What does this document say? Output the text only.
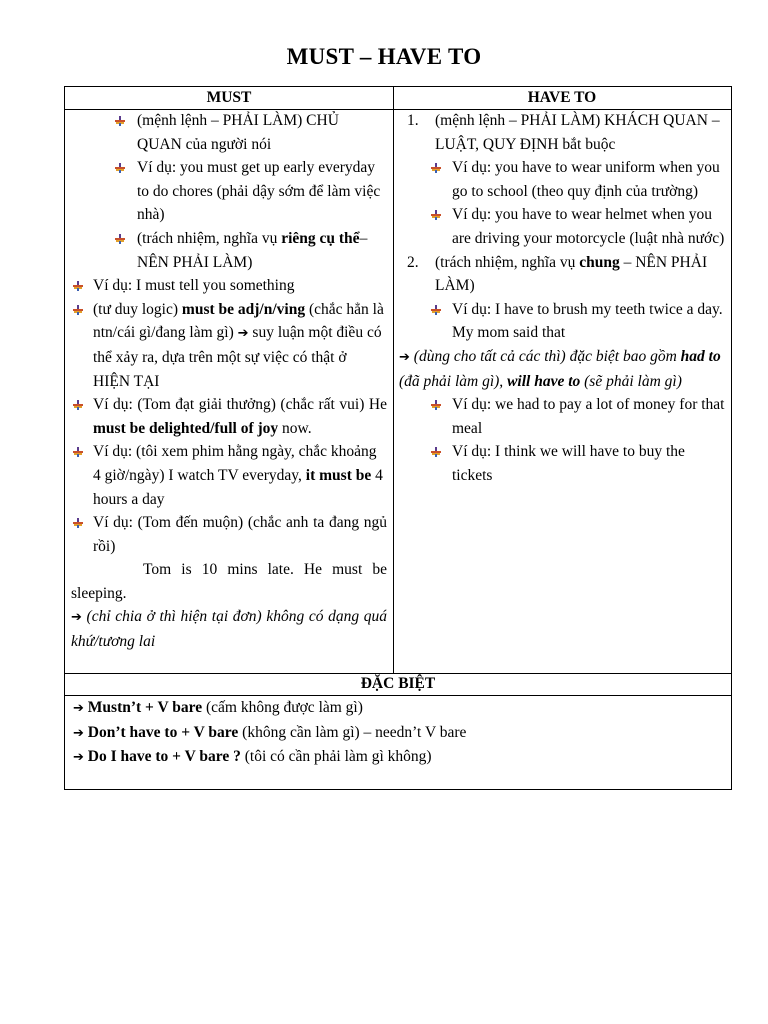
MUST – HAVE TO
MUST	HAVE TO

(mệnh lệnh – PHẢI LÀM) CHỦ QUAN của người nói

Ví dụ: you must get up early everyday to do chores (phải dậy sớm để làm việc nhà)

(trách nhiệm, nghĩa vụ riêng cụ thể– NÊN PHẢI LÀM)

Ví dụ: I must tell you something

(tư duy logic) must be adj/n/ving (chắc hẳn là ntn/cái gì/đang làm gì) ➔ suy luận một điều có thể xảy ra, dựa trên một sự việc có thật ở HIỆN TẠI

Ví dụ: (Tom đạt giải thưởng) (chắc rất vui) He must be delighted/full of joy now.

Ví dụ: (tôi xem phim hằng ngày, chắc khoảng 4 giờ/ngày) I watch TV everyday, it must be 4 hours a day

Ví dụ: (Tom đến muộn) (chắc anh ta đang ngủ rồi)

Tom is 10 mins late. He must be sleeping.

➔ (chỉ chia ở thì hiện tại đơn) không có dạng quá khứ/tương lai

1. (mệnh lệnh – PHẢI LÀM) KHÁCH QUAN – LUẬT, QUY ĐỊNH bắt buộc

Ví dụ: you have to wear uniform when you go to school (theo quy định của trường)

Ví dụ: you have to wear helmet when you are driving your motorcycle (luật nhà nước)

2. (trách nhiệm, nghĩa vụ chung – NÊN PHẢI LÀM)

Ví dụ: I have to brush my teeth twice a day. My mom said that

➔ (dùng cho tất cả các thì) đặc biệt bao gồm had to (đã phải làm gì), will have to (sẽ phải làm gì)

Ví dụ: we had to pay a lot of money for that meal

Ví dụ: I think we will have to buy the tickets

ĐẶC BIỆT

➔ Mustn’t + V bare (cấm không được làm gì)

➔ Don’t have to + V bare (không cần làm gì) – needn’t V bare

➔ Do I have to + V bare ? (tôi có cần phải làm gì không)
